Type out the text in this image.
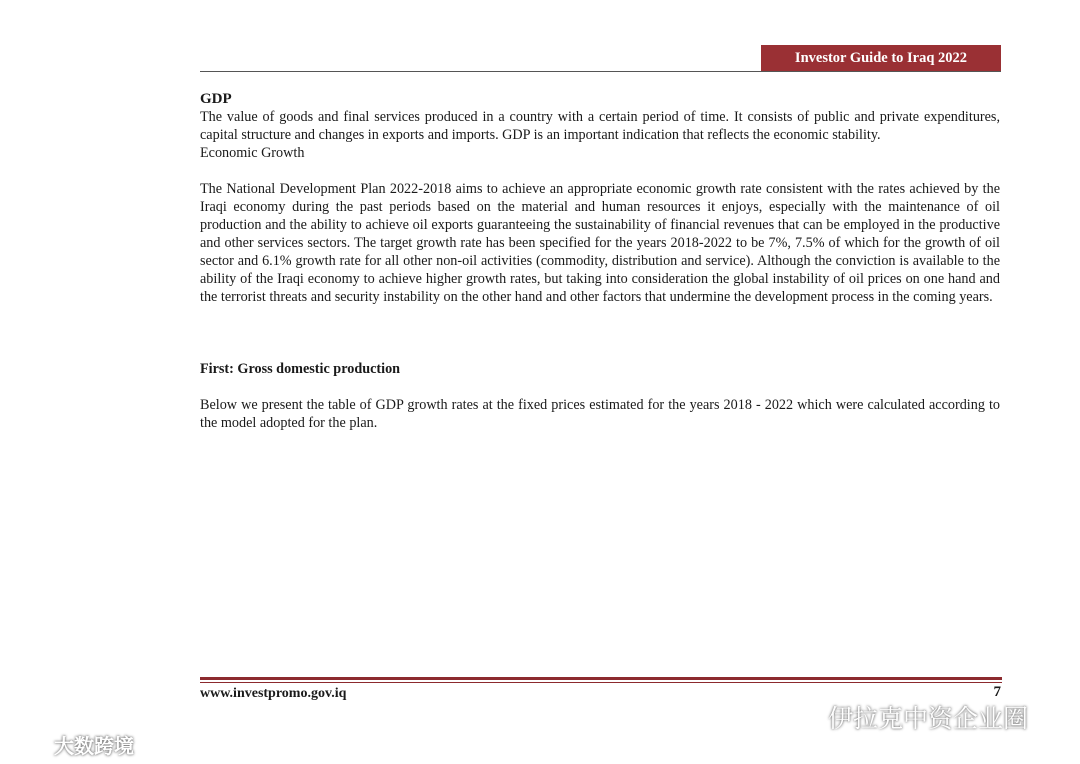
Investor Guide to Iraq 2022

GDP

The value of goods and final services produced in a country with a certain period of time. It consists of public and private expenditures, capital structure and changes in exports and imports. GDP is an important indication that reflects the economic stability.

Economic Growth

The National Development Plan 2022-2018 aims to achieve an appropriate economic growth rate consistent with the rates achieved by the Iraqi economy during the past periods based on the material and human resources it enjoys, especially with the maintenance of oil production and the ability to achieve oil exports guaranteeing the sustainability of financial revenues that can be employed in the productive and other services sectors. The target growth rate has been specified for the years 2018-2022 to be 7%, 7.5% of which for the growth of oil sector and 6.1% growth rate for all other non-oil activities (commodity, distribution and service). Although the conviction is available to the ability of the Iraqi economy to achieve higher growth rates, but taking into consideration the global instability of oil prices on one hand and the terrorist threats and security instability on the other hand and other factors that undermine the development process in the coming years.

First: Gross domestic production

Below we present the table of GDP growth rates at the fixed prices estimated for the years 2018 - 2022 which were calculated according to the model adopted for the plan.

www.investpromo.gov.iq	7
伊拉克中资企业圈
大数跨境
